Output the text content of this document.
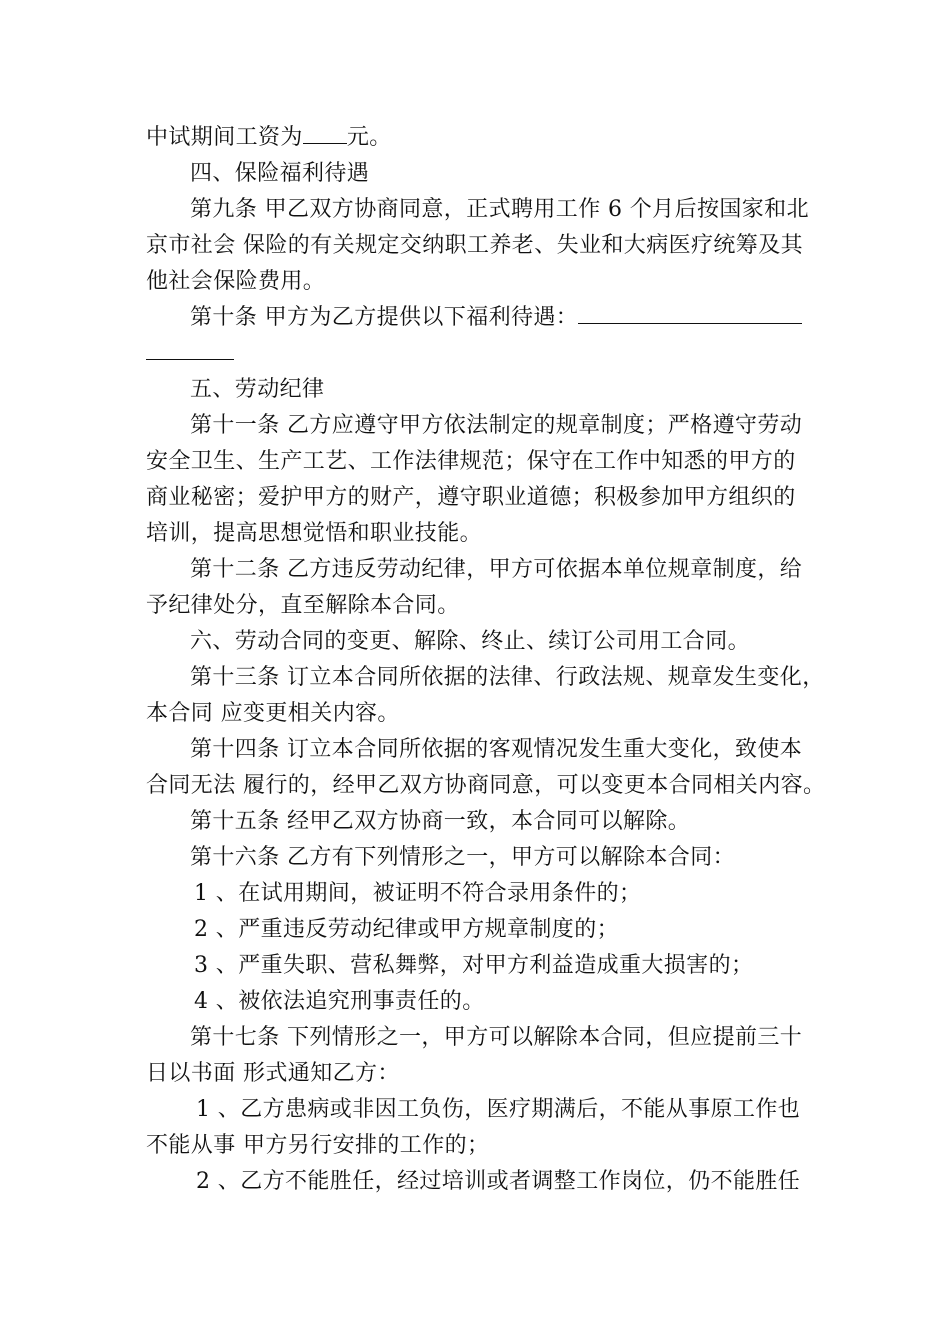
中试期间工资为 元。
四、保险福利待遇
第九条 甲乙双方协商同意，正式聘用工作 6 个月后按国家和北
京市社会 保险的有关规定交纳职工养老、失业和大病医疗统筹及其
他社会保险费用。
第十条 甲方为乙方提供以下福利待遇：
五、劳动纪律
第十一条 乙方应遵守甲方依法制定的规章制度；严格遵守劳动
安全卫生、生产工艺、工作法律规范；保守在工作中知悉的甲方的
商业秘密；爱护甲方的财产，遵守职业道德；积极参加甲方组织的
培训，提高思想觉悟和职业技能。
第十二条 乙方违反劳动纪律，甲方可依据本单位规章制度，给
予纪律处分，直至解除本合同。
六、劳动合同的变更、解除、终止、续订公司用工合同。
第十三条 订立本合同所依据的法律、行政法规、规章发生变化，
本合同 应变更相关内容。
第十四条 订立本合同所依据的客观情况发生重大变化，致使本
合同无法 履行的，经甲乙双方协商同意，可以变更本合同相关内容。
第十五条 经甲乙双方协商一致，本合同可以解除。
第十六条 乙方有下列情形之一，甲方可以解除本合同：
1 、在试用期间，被证明不符合录用条件的；
2 、严重违反劳动纪律或甲方规章制度的；
3 、严重失职、营私舞弊，对甲方利益造成重大损害的；
4 、被依法追究刑事责任的。
第十七条 下列情形之一，甲方可以解除本合同，但应提前三十
日以书面 形式通知乙方：
1 、乙方患病或非因工负伤，医疗期满后，不能从事原工作也
不能从事 甲方另行安排的工作的；
2 、乙方不能胜任，经过培训或者调整工作岗位，仍不能胜任
